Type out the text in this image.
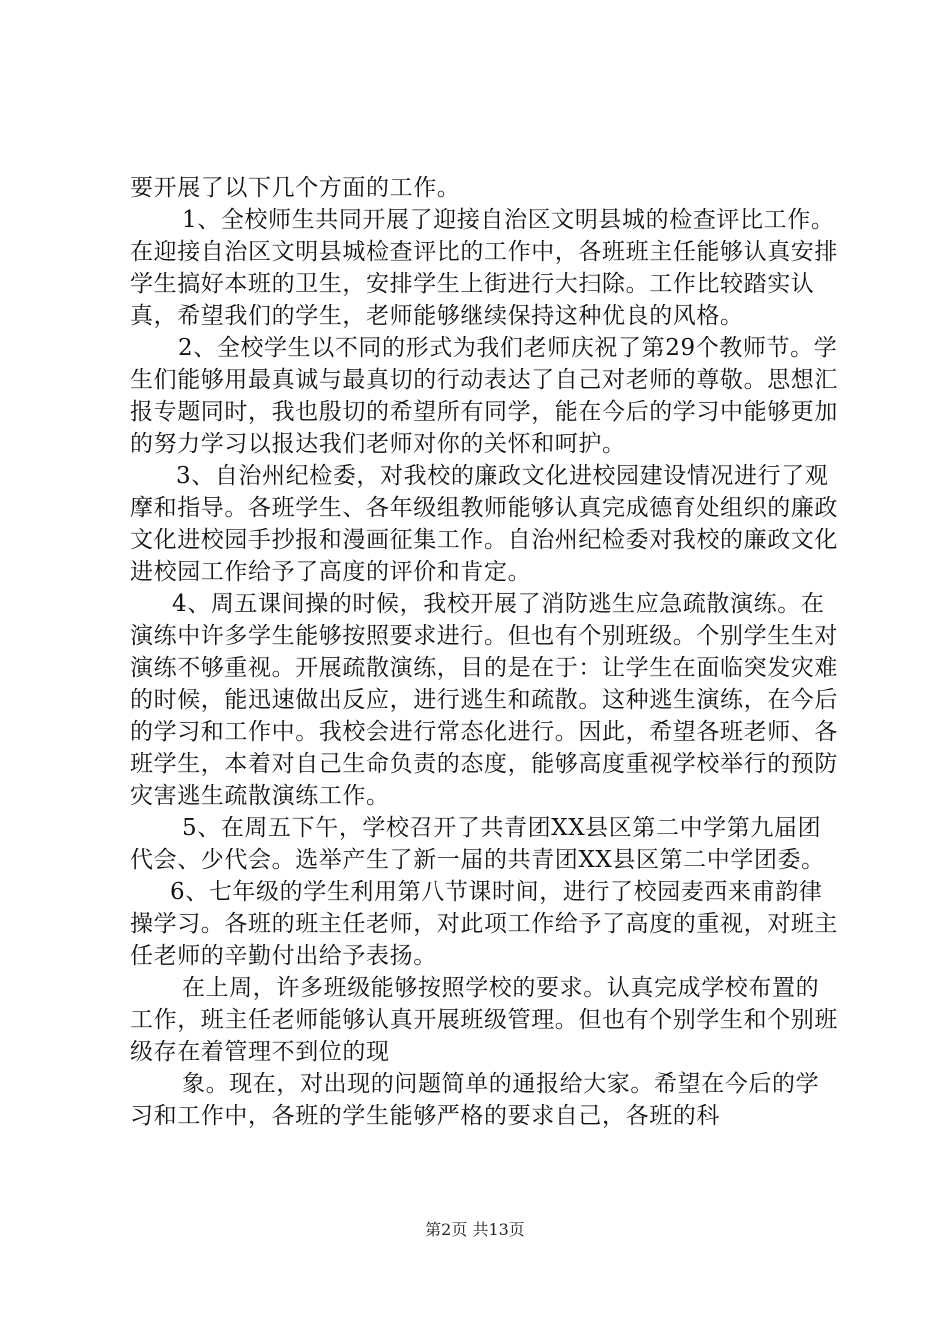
要开展了以下几个方面的工作。

1、全校师生共同开展了迎接自治区文明县城的检查评比工作。在迎接自治区文明县城检查评比的工作中，各班班主任能够认真安排学生搞好本班的卫生，安排学生上街进行大扫除。工作比较踏实认真，希望我们的学生，老师能够继续保持这种优良的风格。

2、全校学生以不同的形式为我们老师庆祝了第29个教师节。学生们能够用最真诚与最真切的行动表达了自己对老师的尊敬。思想汇报专题同时，我也殷切的希望所有同学，能在今后的学习中能够更加的努力学习以报达我们老师对你的关怀和呵护。

3、自治州纪检委，对我校的廉政文化进校园建设情况进行了观摩和指导。各班学生、各年级组教师能够认真完成德育处组织的廉政文化进校园手抄报和漫画征集工作。自治州纪检委对我校的廉政文化进校园工作给予了高度的评价和肯定。

4、周五课间操的时候，我校开展了消防逃生应急疏散演练。在演练中许多学生能够按照要求进行。但也有个别班级。个别学生生对演练不够重视。开展疏散演练，目的是在于：让学生在面临突发灾难的时候，能迅速做出反应，进行逃生和疏散。这种逃生演练，在今后的学习和工作中。我校会进行常态化进行。因此，希望各班老师、各班学生，本着对自己生命负责的态度，能够高度重视学校举行的预防灾害逃生疏散演练工作。

5、在周五下午，学校召开了共青团XX县区第二中学第九届团代会、少代会。选举产生了新一届的共青团XX县区第二中学团委。

6、七年级的学生利用第八节课时间，进行了校园麦西来甫韵律操学习。各班的班主任老师，对此项工作给予了高度的重视，对班主任老师的辛勤付出给予表扬。

在上周，许多班级能够按照学校的要求。认真完成学校布置的工作，班主任老师能够认真开展班级管理。但也有个别学生和个别班级存在着管理不到位的现

象。现在，对出现的问题简单的通报给大家。希望在今后的学习和工作中，各班的学生能够严格的要求自己，各班的科

第2页 共13页
